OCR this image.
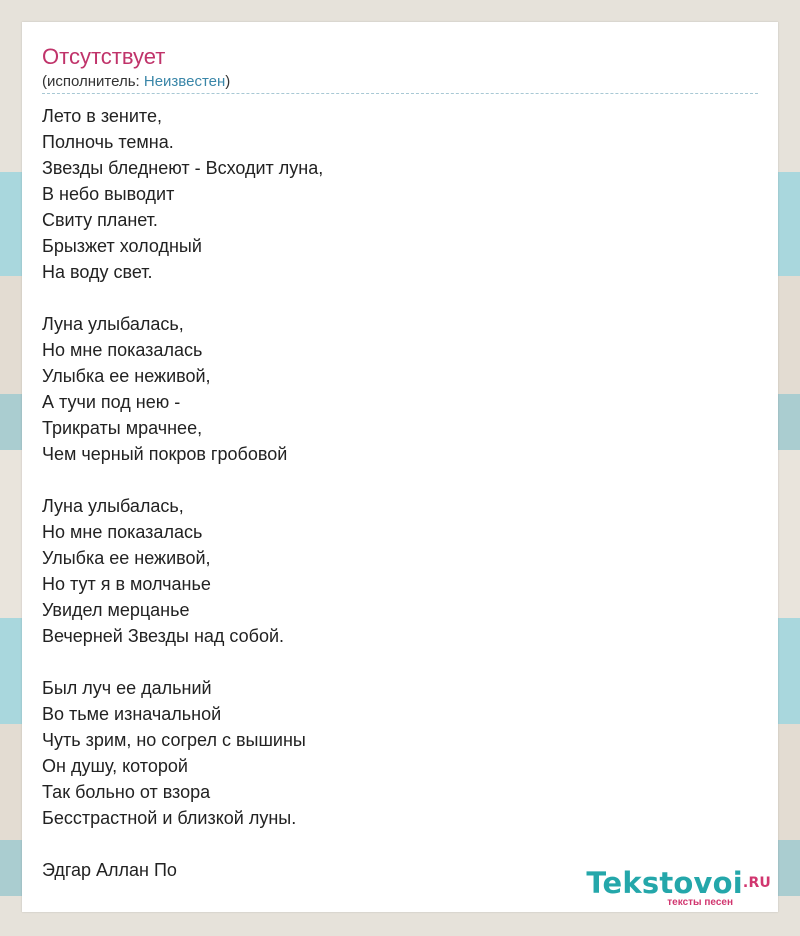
Отсутствует
(исполнитель: Неизвестен)
Лето в зените,
Полночь темна.
Звезды бледнеют - Всходит луна,
В небо выводит
Свиту планет.
Брызжет холодный
На воду свет.
Луна улыбалась,
Но мне показалась
Улыбка ее неживой,
А тучи под нею -
Трикраты мрачнее,
Чем черный покров гробовой
Луна улыбалась,
Но мне показалась
Улыбка ее неживой,
Но тут я в молчанье
Увидел мерцанье
Вечерней Звезды над собой.
Был луч ее дальний
Во тьме изначальной
Чуть зрим, но согрел с вышины
Он душу, которой
Так больно от взора
Бесстрастной и близкой луны.
Эдгар Аллан По	Tekstovoi.RU
тексты песен
